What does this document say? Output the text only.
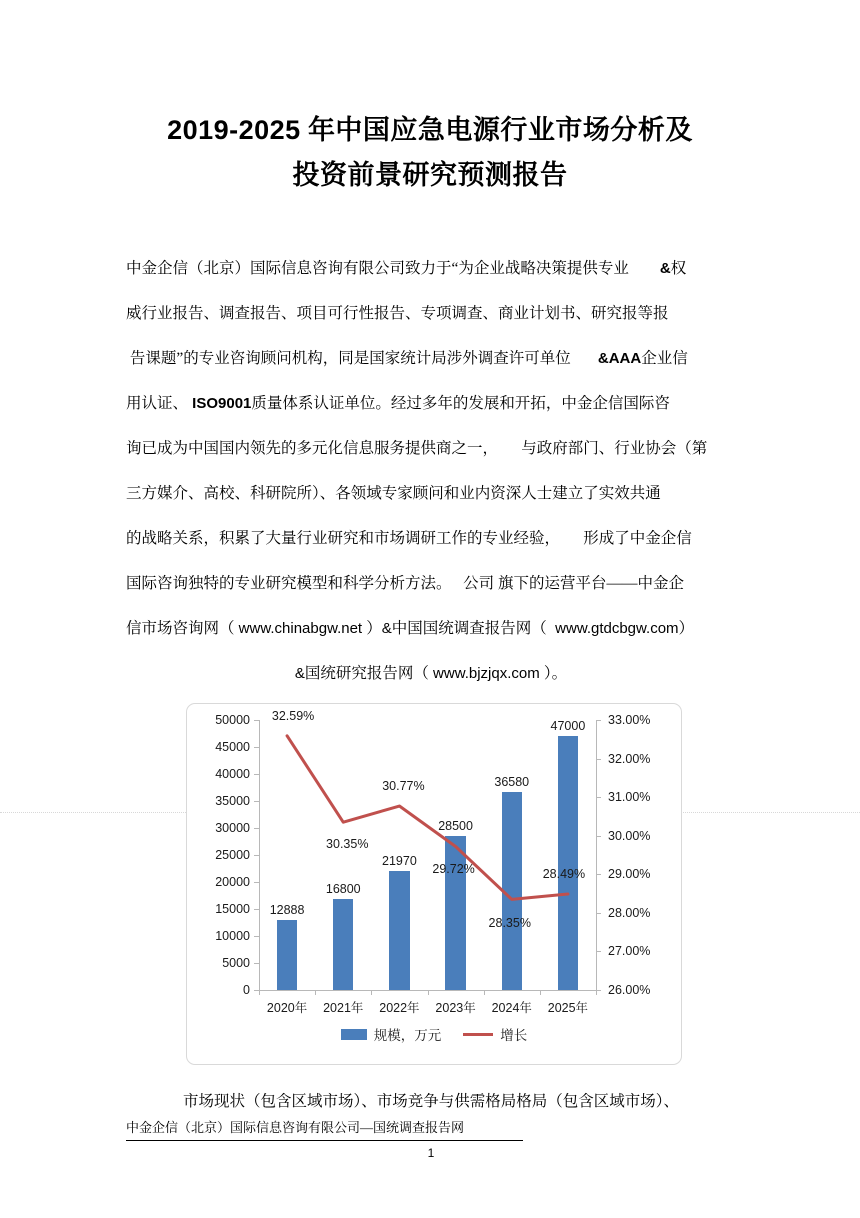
2019-2025 年中国应急电源行业市场分析及
投资前景研究预测报告
中金企信（北京）国际信息咨询有限公司致力于“为企业战略决策提供专业 &权
威行业报告、调查报告、项目可行性报告、专项调查、商业计划书、研究报等报
告课题”的专业咨询顾问机构，同是国家统计局涉外调查许可单位 &AAA企业信
用认证、 ISO9001质量体系认证单位。经过多年的发展和开拓，中金企信国际咨
询已成为中国国内领先的多元化信息服务提供商之一， 与政府部门、行业协会（第
三方媒介、高校、科研院所）、各领域专家顾问和业内资深人士建立了实效共通
的战略关系，积累了大量行业研究和市场调研工作的专业经验， 形成了中金企信
国际咨询独特的专业研究模型和科学分析方法。 公司 旗下的运营平台——中金企
信市场咨询网（ www.chinabgw.net ）&中国国统调查报告网（  www.gtdcbgw.com）
&国统研究报告网（ www.bjzjqx.com ）。
0
5000
10000
15000
20000
25000
30000
35000
40000
45000
50000
26.00%
27.00%
28.00%
29.00%
30.00%
31.00%
32.00%
33.00%
2020年 2021年 2022年 2023年 2024年 2025年
12888
16800
21970
28500
36580
47000
32.59%
30.35%
30.77%
29.72%
28.35%
28.49%
规模，万元	增长
市场现状（包含区域市场）、市场竞争与供需格局格局（包含区域市场）、
中金企信（北京）国际信息咨询有限公司—国统调查报告网
1
